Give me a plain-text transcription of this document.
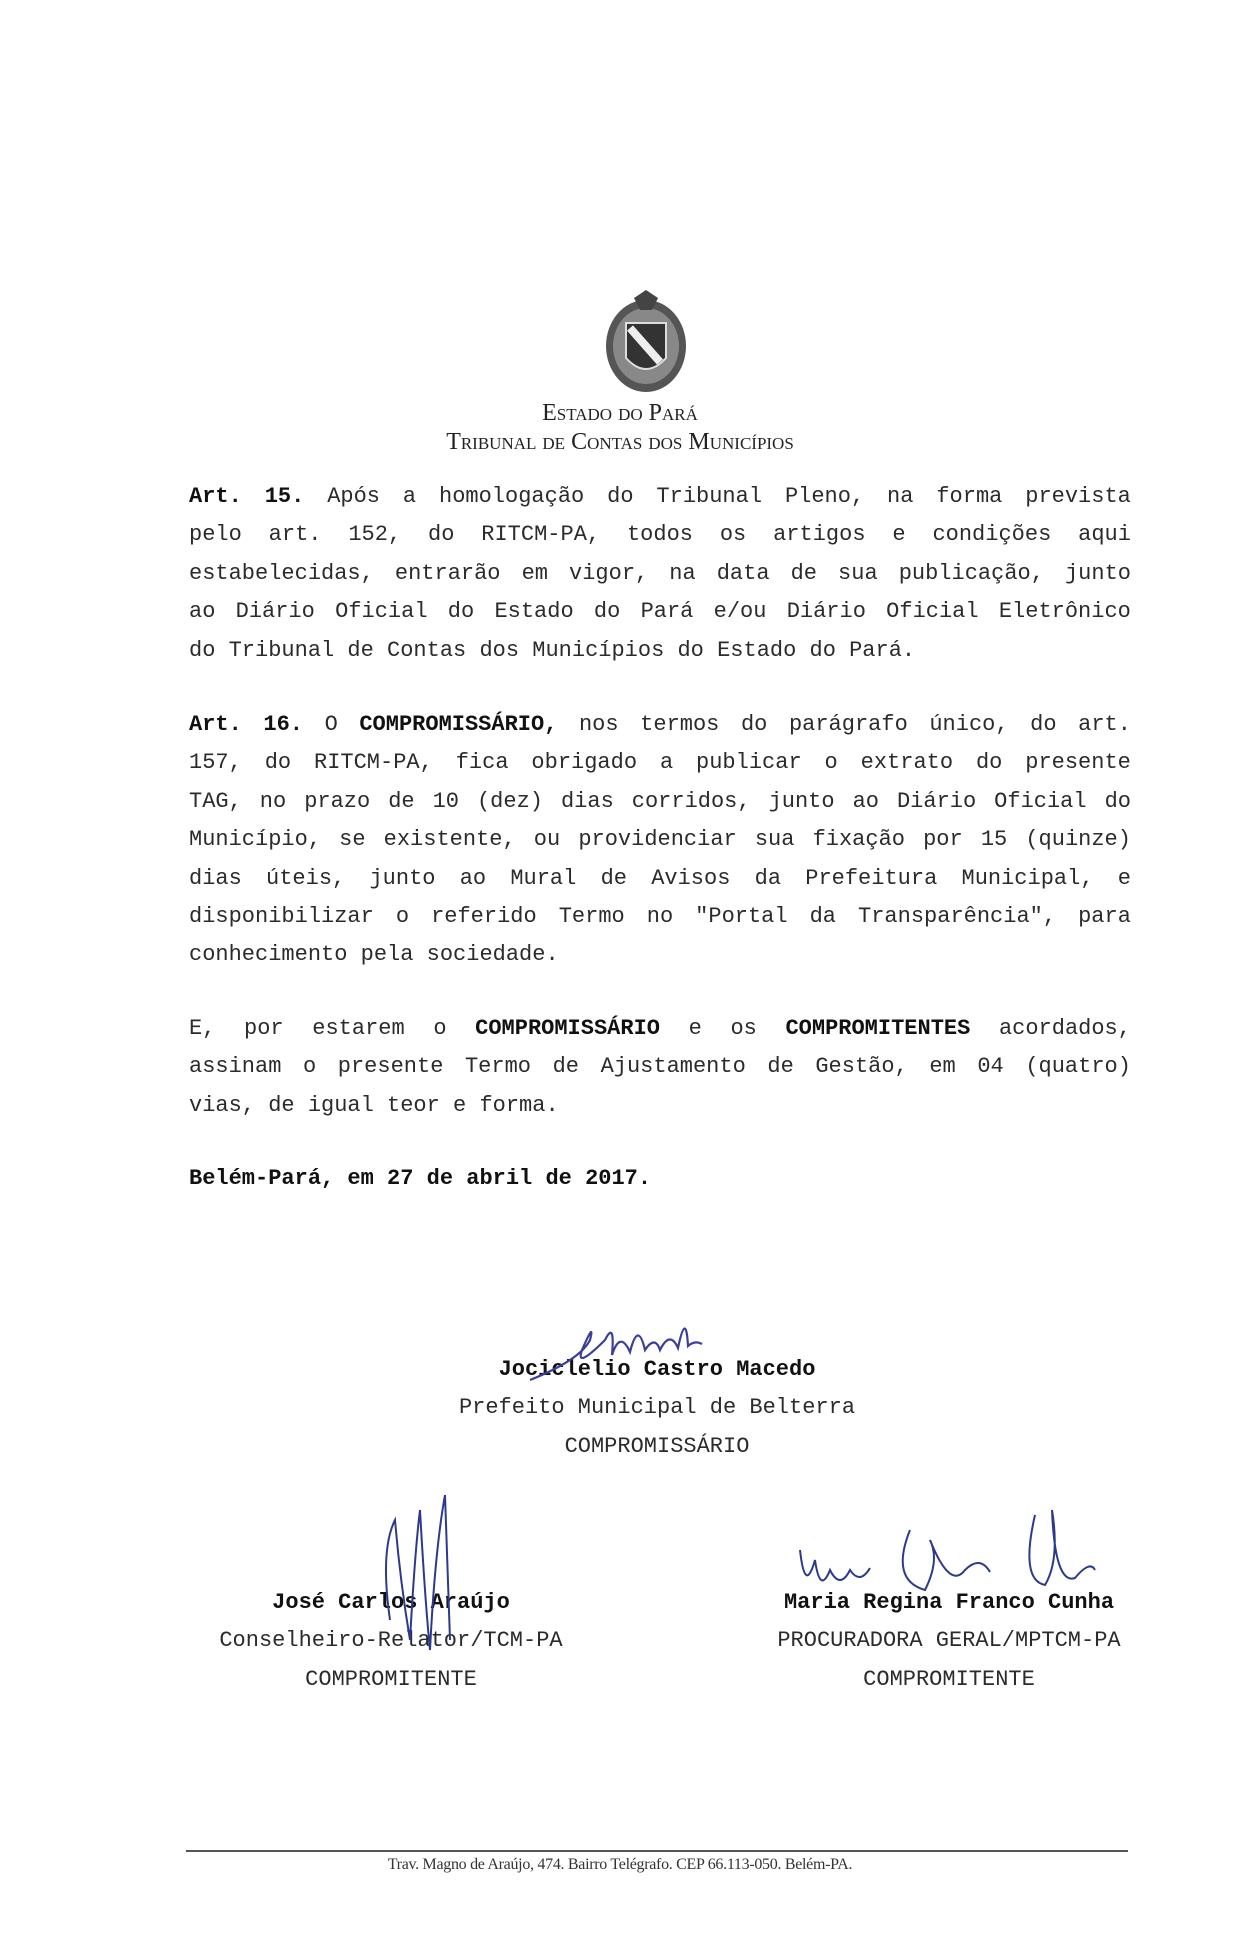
Estado do Pará
Tribunal de Contas dos Municípios
Art. 15. Após a homologação do Tribunal Pleno, na forma prevista
pelo art. 152, do RITCM-PA, todos os artigos e condições aqui
estabelecidas, entrarão em vigor, na data de sua publicação, junto
ao Diário Oficial do Estado do Pará e/ou Diário Oficial Eletrônico
do Tribunal de Contas dos Municípios do Estado do Pará.
Art. 16. O COMPROMISSÁRIO, nos termos do parágrafo único, do art.
157, do RITCM-PA, fica obrigado a publicar o extrato do presente
TAG, no prazo de 10 (dez) dias corridos, junto ao Diário Oficial do
Município, se existente, ou providenciar sua fixação por 15 (quinze)
dias úteis, junto ao Mural de Avisos da Prefeitura Municipal, e
disponibilizar o referido Termo no "Portal da Transparência", para
conhecimento pela sociedade.
E, por estarem o COMPROMISSÁRIO e os COMPROMITENTES acordados,
assinam o presente Termo de Ajustamento de Gestão, em 04 (quatro)
vias, de igual teor e forma.
Belém-Pará, em 27 de abril de 2017.
Jociclelio Castro Macedo
Prefeito Municipal de Belterra
COMPROMISSÁRIO
José Carlos Araújo
Conselheiro-Relator/TCM-PA
COMPROMITENTE
Maria Regina Franco Cunha
PROCURADORA GERAL/MPTCM-PA
COMPROMITENTE
Trav. Magno de Araújo, 474. Bairro Telégrafo. CEP 66.113-050. Belém-PA.
